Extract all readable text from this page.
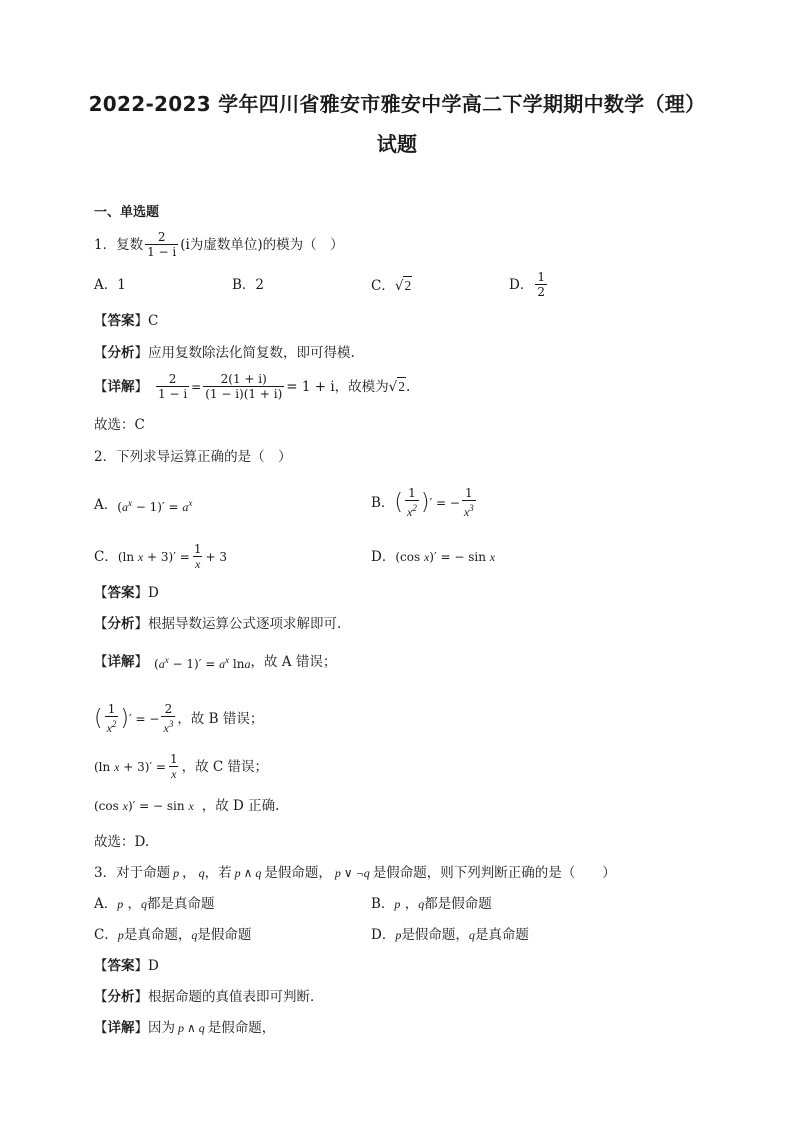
2022-2023 学年四川省雅安市雅安中学高二下学期期中数学（理）试题
一、单选题
1． 复数 $\frac{2}{1 - i} (i$为虚数单位)的模为（　）
A．1	B．2	C． √ 2	D． $\frac{1}{2}$
【 答案 】	C
【 分析 】	应用复数除法化简复数，即可得模.
【 详解 】	$\frac{2}{1 - i} = \frac{2(1 + i)}{(1 - i)(1 + i)} = 1 + i$，故模为 √ 2 .
故选：C
2． 下列求导运算正确的是（　）
A． $(a^x - 1)' = a^x$	B． ( $\frac{1}{x^2}$ ) ′ = − $\frac{1}{x^3}$
C． (ln $x + 3)' = \frac{1}{x} + 3$	D． (cos x)′ = − sin x
【 答案 】	D
【 分析 】	根据导数运算公式逐项求解即可.
【 详解 】	$(a^x - 1)' = a^x$ lna ，故 A 错误；
( $\frac{1}{x^2}$ ) ′ = − $\frac{2}{x^3}$ ，故 B 错误；
(ln $x + 3)' = \frac{1}{x}$ ，故 C 错误；
(cos x)′ = − sin x ，故 D 正确.
故选：D.
3． 对于命题 p ， q ，若 p ∧ q 是假命题， p ∨ ¬q 是假命题，则下列判断正确的是（　　）
A． p ， q 都是真命题	B． p ， q 都是假命题
C． p 是真命题， q 是假命题	D． p 是假命题， q 是真命题
【 答案 】	D
【 分析 】	根据命题的真值表即可判断．
【 详解 】	因为 p ∧ q 是假命题，
